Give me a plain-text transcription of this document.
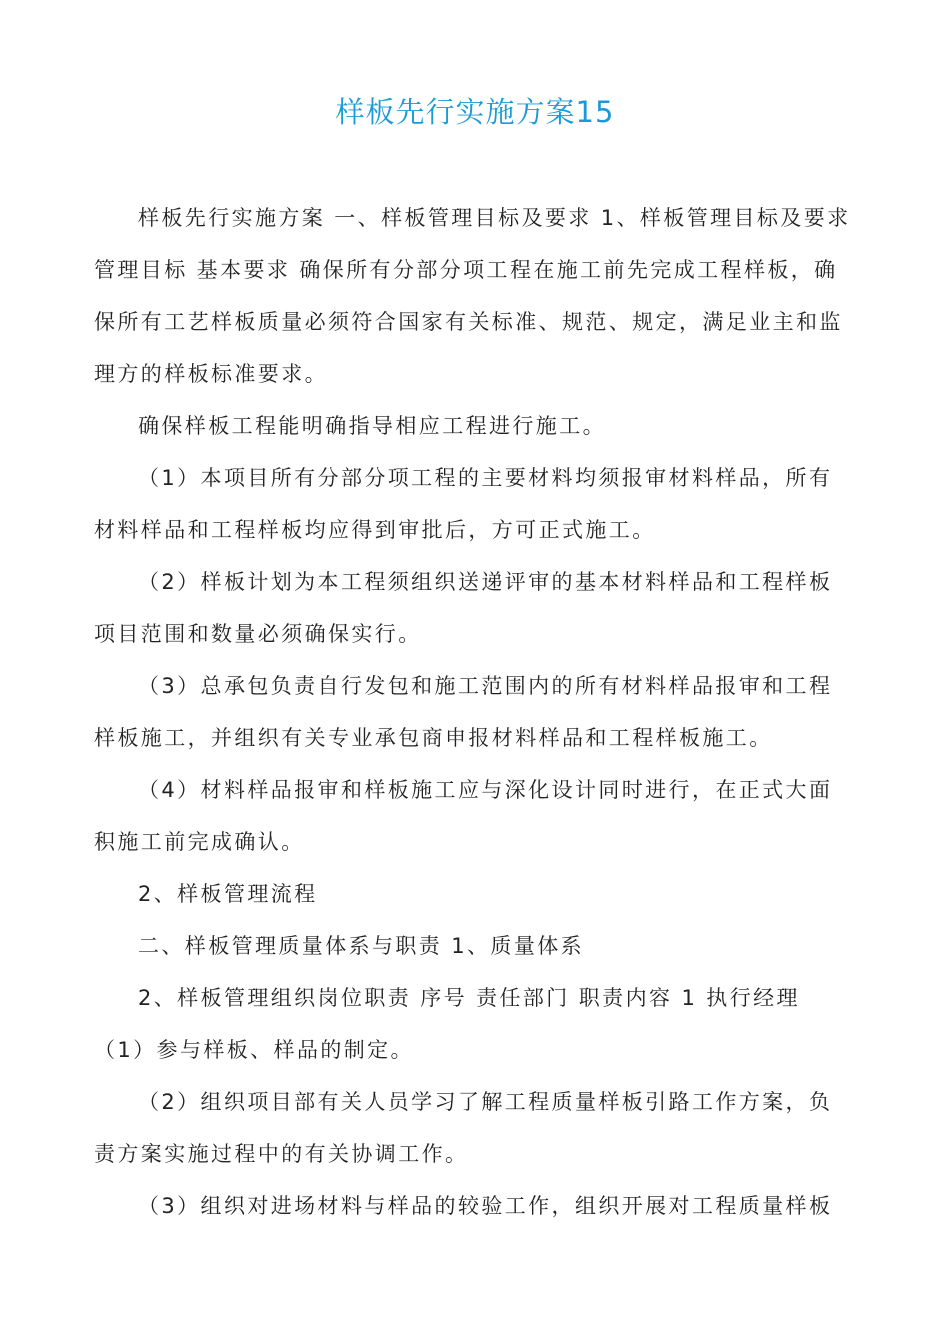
样板先行实施方案15

样板先行实施方案 一、样板管理目标及要求 1、样板管理目标及要求 管理目标 基本要求 确保所有分部分项工程在施工前先完成工程样板，确保所有工艺样板质量必须符合国家有关标准、规范、规定，满足业主和监理方的样板标准要求。

确保样板工程能明确指导相应工程进行施工。

（1）本项目所有分部分项工程的主要材料均须报审材料样品，所有材料样品和工程样板均应得到审批后，方可正式施工。

（2）样板计划为本工程须组织送递评审的基本材料样品和工程样板项目范围和数量必须确保实行。

（3）总承包负责自行发包和施工范围内的所有材料样品报审和工程样板施工，并组织有关专业承包商申报材料样品和工程样板施工。

（4）材料样品报审和样板施工应与深化设计同时进行，在正式大面积施工前完成确认。

2、样板管理流程

二、样板管理质量体系与职责 1、质量体系

2、样板管理组织岗位职责 序号 责任部门 职责内容 1 执行经理

（1）参与样板、样品的制定。

（2）组织项目部有关人员学习了解工程质量样板引路工作方案，负责方案实施过程中的有关协调工作。

（3）组织对进场材料与样品的较验工作，组织开展对工程质量样板
